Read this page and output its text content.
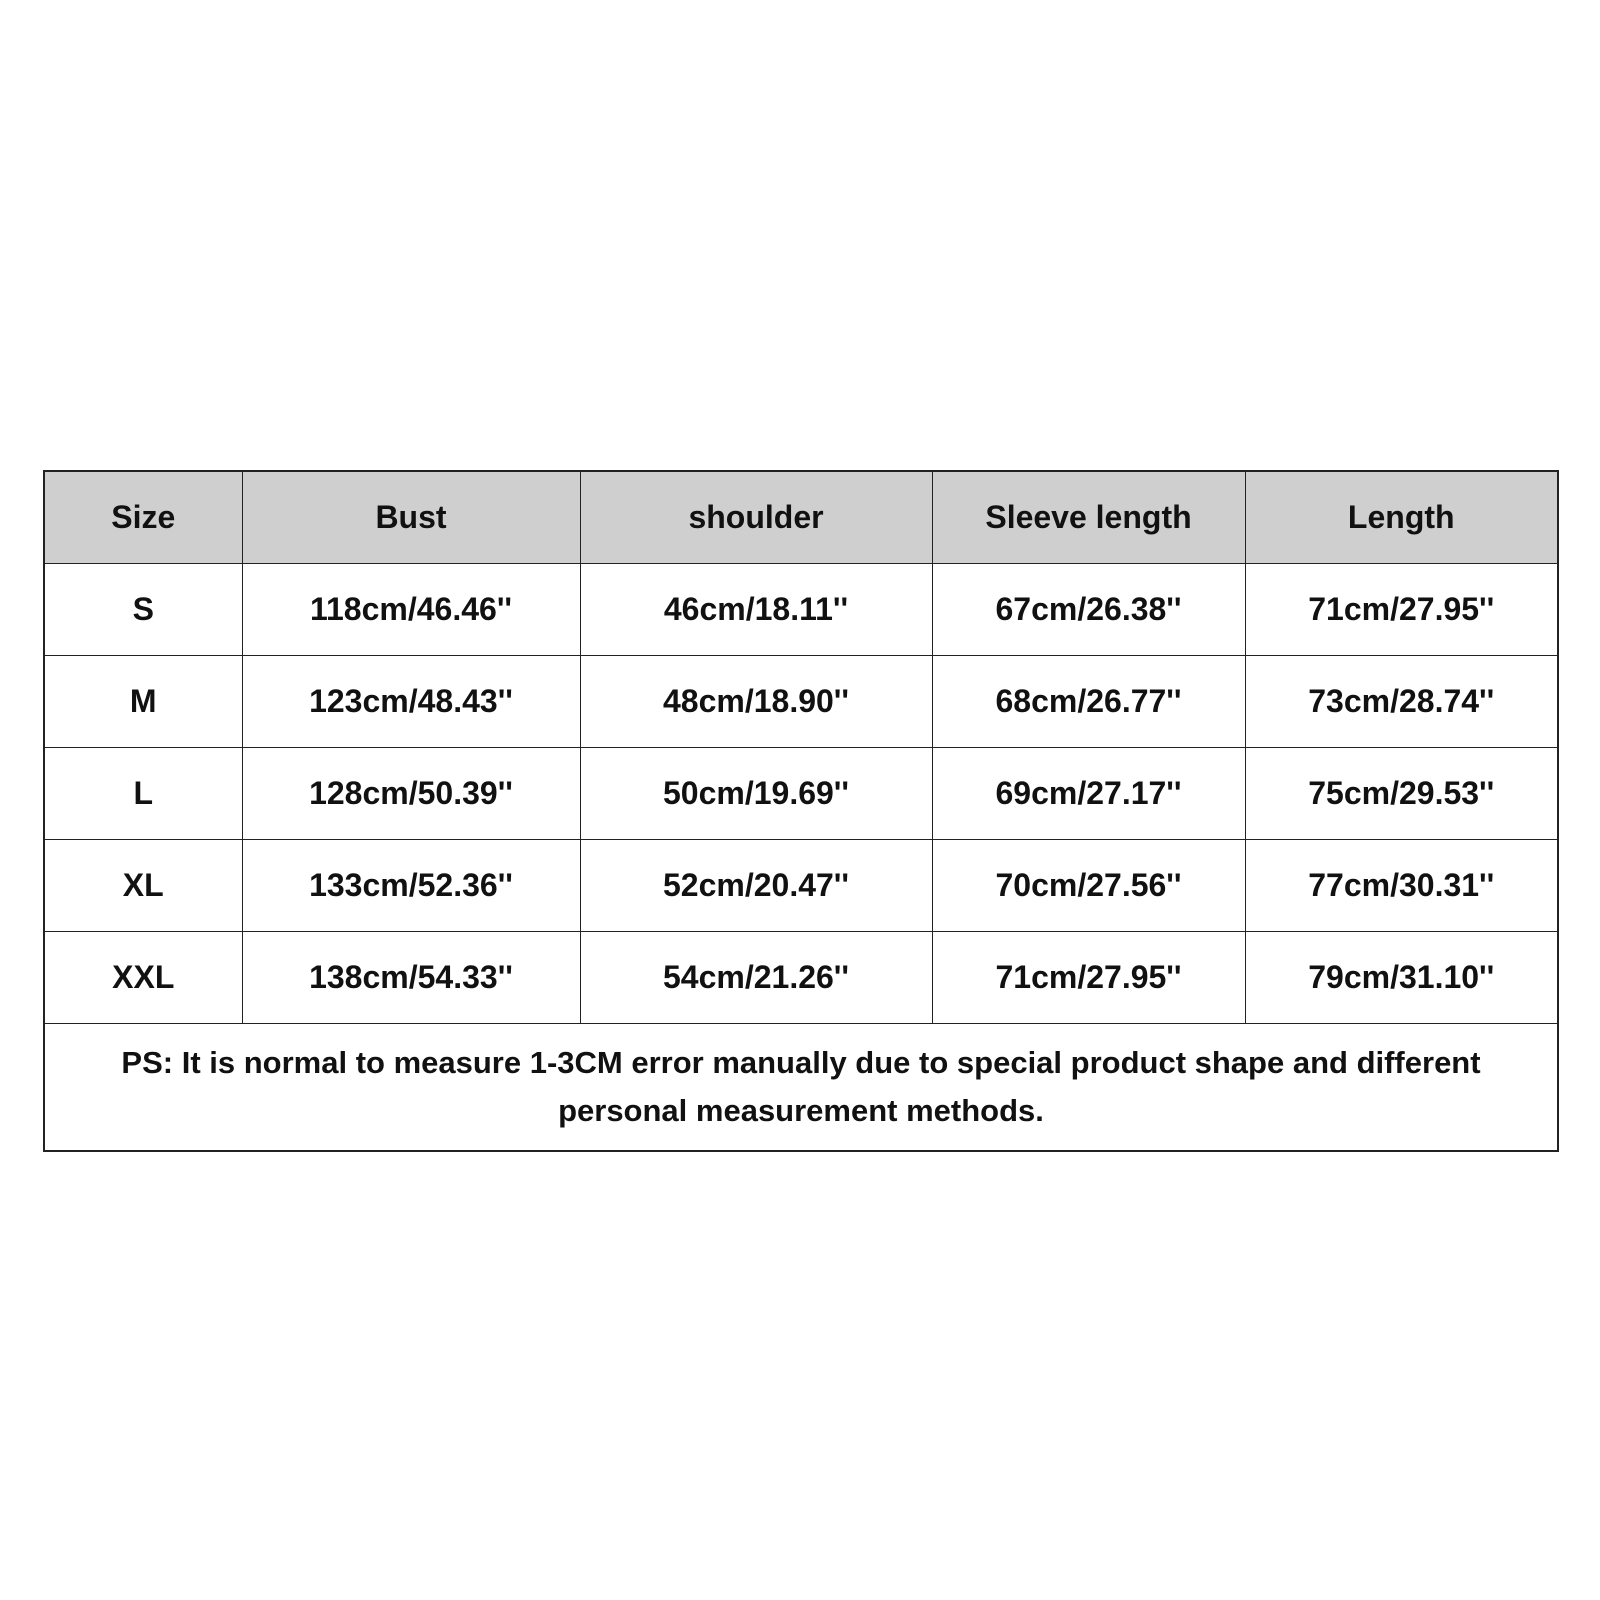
Size	Bust	shoulder	Sleeve length	Length
S	118cm/46.46''	46cm/18.11''	67cm/26.38''	71cm/27.95''
M	123cm/48.43''	48cm/18.90''	68cm/26.77''	73cm/28.74''
L	128cm/50.39''	50cm/19.69''	69cm/27.17''	75cm/29.53''
XL	133cm/52.36''	52cm/20.47''	70cm/27.56''	77cm/30.31''
XXL	138cm/54.33''	54cm/21.26''	71cm/27.95''	79cm/31.10''
PS: It is normal to measure 1-3CM error manually due to special product shape and different personal measurement methods.				
